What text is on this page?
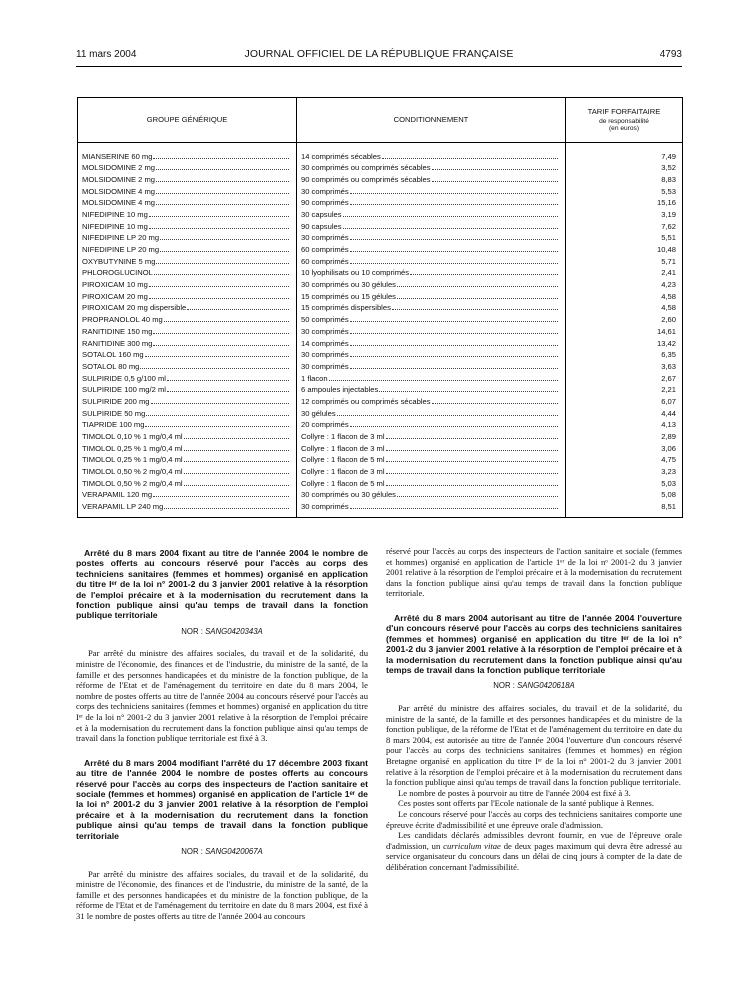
11 mars 2004	JOURNAL OFFICIEL DE LA RÉPUBLIQUE FRANÇAISE	4793
GROUPE GÉNÉRIQUE	CONDITIONNEMENT	TARIF FORFAITAIRE
de responsabilité
(en euros)

MIANSERINE 60 mg	14 comprimés sécables	7,49

MOLSIDOMINE 2 mg	30 comprimés ou comprimés sécables	3,52

MOLSIDOMINE 2 mg	90 comprimés ou comprimés sécables	8,83

MOLSIDOMINE 4 mg	30 comprimés	5,53

MOLSIDOMINE 4 mg	90 comprimés	15,16

NIFEDIPINE 10 mg	30 capsules	3,19

NIFEDIPINE 10 mg	90 capsules	7,62

NIFEDIPINE LP 20 mg	30 comprimés	5,51

NIFEDIPINE LP 20 mg	60 comprimés	10,48

OXYBUTYNINE 5 mg	60 comprimés	5,71

PHLOROGLUCINOL	10 lyophilisats ou 10 comprimés	2,41

PIROXICAM 10 mg	30 comprimés ou 30 gélules	4,23

PIROXICAM 20 mg	15 comprimés ou 15 gélules	4,58

PIROXICAM 20 mg dispersible	15 comprimés dispersibles	4,58

PROPRANOLOL 40 mg	50 comprimés	2,60

RANITIDINE 150 mg	30 comprimés	14,61

RANITIDINE 300 mg	14 comprimés	13,42

SOTALOL 160 mg	30 comprimés	6,35

SOTALOL 80 mg	30 comprimés	3,63

SULPIRIDE 0,5 g/100 ml	1 flacon	2,67

SULPIRIDE 100 mg/2 ml	6 ampoules injectables	2,21

SULPIRIDE 200 mg	12 comprimés ou comprimés sécables	6,07

SULPIRIDE 50 mg	30 gélules	4,44

TIAPRIDE 100 mg	20 comprimés	4,13

TIMOLOL 0,10 % 1 mg/0,4 ml	Collyre : 1 flacon de 3 ml	2,89

TIMOLOL 0,25 % 1 mg/0,4 ml	Collyre : 1 flacon de 3 ml	3,06

TIMOLOL 0,25 % 1 mg/0,4 ml	Collyre : 1 flacon de 5 ml	4,75

TIMOLOL 0,50 % 2 mg/0,4 ml	Collyre : 1 flacon de 3 ml	3,23

TIMOLOL 0,50 % 2 mg/0,4 ml	Collyre : 1 flacon de 5 ml	5,03

VERAPAMIL 120 mg	30 comprimés ou 30 gélules	5,08

VERAPAMIL LP 240 mg	30 comprimés	8,51

Arrêté du 8 mars 2004 fixant au titre de l'année 2004 le nombre de postes offerts au concours réservé pour l'accès au corps des techniciens sanitaires (femmes et hommes) organisé en application du titre Iᵉʳ de la loi n° 2001-2 du 3 janvier 2001 relative à la résorption de l'emploi précaire et à la modernisation du recrutement dans la fonction publique ainsi qu'au temps de travail dans la fonction publique territoriale

NOR : SANG0420343A

Par arrêté du ministre des affaires sociales, du travail et de la solidarité, du ministre de l'économie, des finances et de l'industrie, du ministre de la santé, de la famille et des personnes handicapées et du ministre de la fonction publique, de la réforme de l'Etat et de l'aménagement du territoire en date du 8 mars 2004, le nombre de postes offerts au titre de l'année 2004 au concours réservé pour l'accès au corps des techniciens sanitaires (femmes et hommes) organisé en application du titre Iᵉʳ de la loi n° 2001-2 du 3 janvier 2001 relative à la résorption de l'emploi précaire et à la modernisation du recrutement dans la fonction publique ainsi qu'au temps de travail dans la fonction publique territoriale est fixé à 3.

Arrêté du 8 mars 2004 modifiant l'arrêté du 17 décembre 2003 fixant au titre de l'année 2004 le nombre de postes offerts au concours réservé pour l'accès au corps des inspecteurs de l'action sanitaire et sociale (femmes et hommes) organisé en application de l'article 1ᵉʳ de la loi n° 2001-2 du 3 janvier 2001 relative à la résorption de l'emploi précaire et à la modernisation du recrutement dans la fonction publique ainsi qu'au temps de travail dans la fonction publique territoriale

NOR : SANG0420067A

Par arrêté du ministre des affaires sociales, du travail et de la solidarité, du ministre de l'économie, des finances et de l'industrie, du ministre de la santé, de la famille et des personnes handicapées et du ministre de la fonction publique, de la réforme de l'Etat et de l'aménagement du territoire en date du 8 mars 2004, est fixé à 31 le nombre de postes offerts au titre de l'année 2004 au concours

réservé pour l'accès au corps des inspecteurs de l'action sanitaire et sociale (femmes et hommes) organisé en application de l'article 1ᵉʳ de la loi nᵒ 2001-2 du 3 janvier 2001 relative à la résorption de l'emploi précaire et à la modernisation du recrutement dans la fonction publique ainsi qu'au temps de travail dans la fonction publique territoriale.

Arrêté du 8 mars 2004 autorisant au titre de l'année 2004 l'ouverture d'un concours réservé pour l'accès au corps des techniciens sanitaires (femmes et hommes) organisé en application du titre Iᵉʳ de la loi n° 2001-2 du 3 janvier 2001 relative à la résorption de l'emploi précaire et à la modernisation du recrutement dans la fonction publique ainsi qu'au temps de travail dans la fonction publique territoriale

NOR : SANG0420618A

Par arrêté du ministre des affaires sociales, du travail et de la solidarité, du ministre de la santé, de la famille et des personnes handicapées et du ministre de la fonction publique, de la réforme de l'Etat et de l'aménagement du territoire en date du 8 mars 2004, est autorisée au titre de l'année 2004 l'ouverture d'un concours réservé pour l'accès au corps des techniciens sanitaires (femmes et hommes) en région Bretagne organisé en application du titre Iᵉʳ de la loi n° 2001-2 du 3 janvier 2001 relative à la résorption de l'emploi précaire et à la modernisation du recrutement dans la fonction publique ainsi qu'au temps de travail dans la fonction publique territoriale.

Le nombre de postes à pourvoir au titre de l'année 2004 est fixé à 3.

Ces postes sont offerts par l'Ecole nationale de la santé publique à Rennes.

Le concours réservé pour l'accès au corps des techniciens sanitaires comporte une épreuve écrite d'admissibilité et une épreuve orale d'admission.

Les candidats déclarés admissibles devront fournir, en vue de l'épreuve orale d'admission, un curriculum vitae de deux pages maximum qui devra être adressé au service organisateur du concours dans un délai de cinq jours à compter de la date de délibération concernant l'admissibilité.
